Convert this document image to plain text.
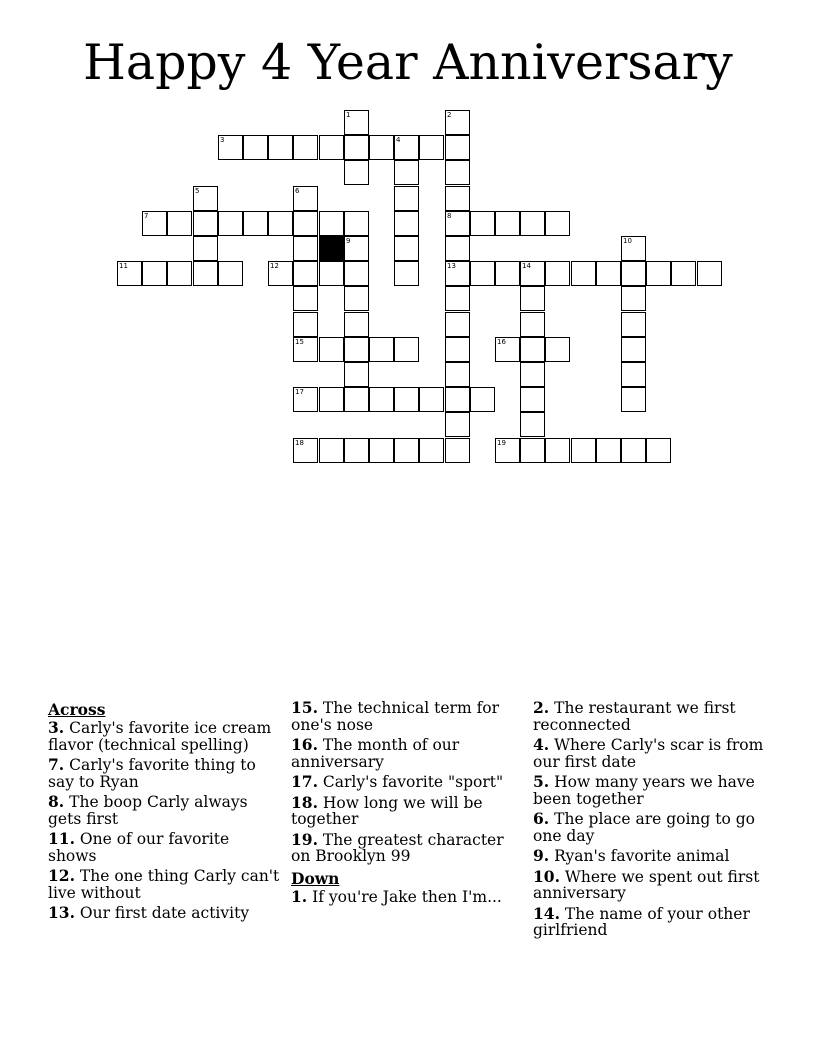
Happy 4 Year Anniversary
3	4
7	8
11	12	13	14
15	16
17
18	19
1	2
5	6
9	10
Across
3. Carly's favorite ice cream flavor (technical spelling)
7. Carly's favorite thing to say to Ryan
8. The boop Carly always gets first
11. One of our favorite shows
12. The one thing Carly can't live without
13. Our first date activity
15. The technical term for one's nose
16. The month of our anniversary
17. Carly's favorite "sport"
18. How long we will be together
19. The greatest character on Brooklyn 99
Down
1. If you're Jake then I'm...
2. The restaurant we first reconnected
4. Where Carly's scar is from our first date
5. How many years we have been together
6. The place are going to go one day
9. Ryan's favorite animal
10. Where we spent out first anniversary
14. The name of your other girlfriend
